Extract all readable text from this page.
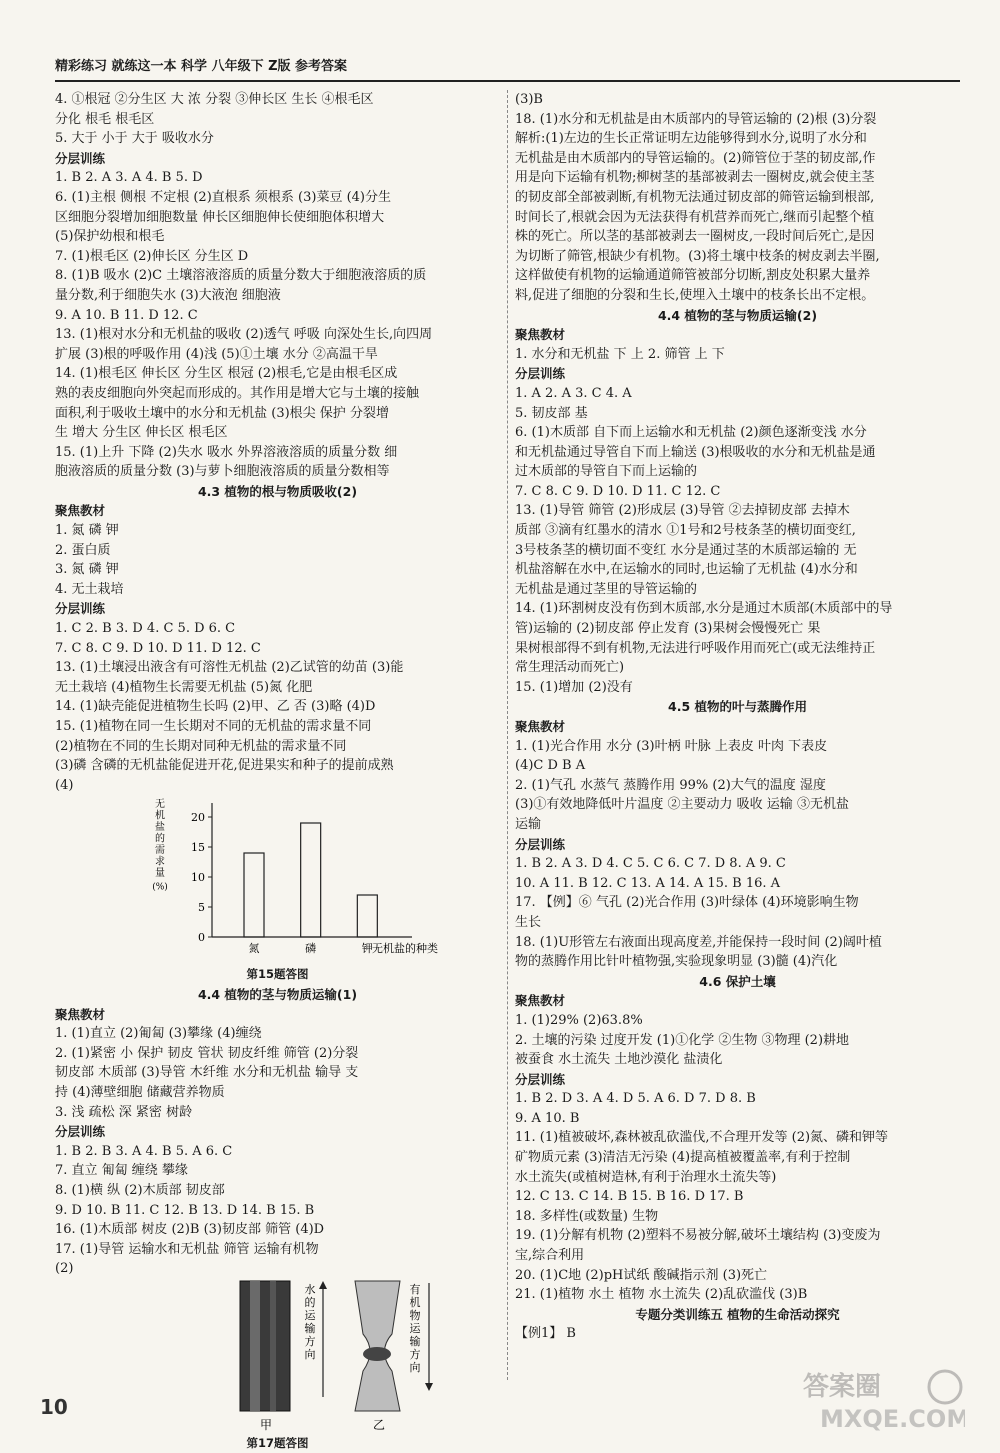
精彩练习 就练这一本 科学 八年级下 Z版 参考答案
4. ①根冠 ②分生区 大 浓 分裂 ③伸长区 生长 ④根毛区
分化 根毛 根毛区
5. 大于 小于 大于 吸收水分
分层训练
1. B 2. A 3. A 4. B 5. D
6. (1)主根 侧根 不定根 (2)直根系 须根系 (3)菜豆 (4)分生
区细胞分裂增加细胞数量 伸长区细胞伸长使细胞体积增大
(5)保护幼根和根毛
7. (1)根毛区 (2)伸长区 分生区 D
8. (1)B 吸水 (2)C 土壤溶液溶质的质量分数大于细胞液溶质的质
量分数,利于细胞失水 (3)大液泡 细胞液
9. A 10. B 11. D 12. C
13. (1)根对水分和无机盐的吸收 (2)透气 呼吸 向深处生长,向四周
扩展 (3)根的呼吸作用 (4)浅 (5)①土壤 水分 ②高温干旱
14. (1)根毛区 伸长区 分生区 根冠 (2)根毛,它是由根毛区成
熟的表皮细胞向外突起而形成的。其作用是增大它与土壤的接触
面积,利于吸收土壤中的水分和无机盐 (3)根尖 保护 分裂增
生 增大 分生区 伸长区 根毛区
15. (1)上升 下降 (2)失水 吸水 外界溶液溶质的质量分数 细
胞液溶质的质量分数 (3)与萝卜细胞液溶质的质量分数相等
4.3 植物的根与物质吸收(2)
聚焦教材
1. 氮 磷 钾
2. 蛋白质
3. 氮 磷 钾
4. 无土栽培
分层训练
1. C 2. B 3. D 4. C 5. D 6. C
7. C 8. C 9. D 10. D 11. D 12. C
13. (1)土壤浸出液含有可溶性无机盐 (2)乙试管的幼苗 (3)能
无土栽培 (4)植物生长需要无机盐 (5)氮 化肥
14. (1)缺壳能促进植物生长吗 (2)甲、乙 否 (3)略 (4)D
15. (1)植物在同一生长期对不同的无机盐的需求量不同
(2)植物在不同的生长期对同种无机盐的需求量不同
(3)磷 含磷的无机盐能促进开花,促进果实和种子的提前成熟
(4)
0
5
10
15
20
无
机
盐
的
需
求
量
(%)
氮	磷	钾 无机盐的种类
第15题答图
4.4 植物的茎与物质运输(1)
聚焦教材
1. (1)直立 (2)匍匐 (3)攀缘 (4)缠绕
2. (1)紧密 小 保护 韧皮 管状 韧皮纤维 筛管 (2)分裂
韧皮部 木质部 (3)导管 木纤维 水分和无机盐 输导 支
持 (4)薄壁细胞 储藏营养物质
3. 浅 疏松 深 紧密 树龄
分层训练
1. B 2. B 3. A 4. B 5. A 6. C
7. 直立 匍匐 缠绕 攀缘
8. (1)横 纵 (2)木质部 韧皮部
9. D 10. B 11. C 12. B 13. D 14. B 15. B
16. (1)木质部 树皮 (2)B (3)韧皮部 筛管 (4)D
17. (1)导管 运输水和无机盐 筛管 运输有机物
(2)
水
的
运
输
方
向
有
机
物
运
输
方
向
甲	乙
第17题答图
(3)B
18. (1)水分和无机盐是由木质部内的导管运输的 (2)根 (3)分裂
解析:(1)左边的生长正常证明左边能够得到水分,说明了水分和
无机盐是由木质部内的导管运输的。(2)筛管位于茎的韧皮部,作
用是向下运输有机物;柳树茎的基部被剥去一圈树皮,就会使主茎
的韧皮部全部被剥断,有机物无法通过韧皮部的筛管运输到根部,
时间长了,根就会因为无法获得有机营养而死亡,继而引起整个植
株的死亡。所以茎的基部被剥去一圈树皮,一段时间后死亡,是因
为切断了筛管,根缺少有机物。(3)将土壤中枝条的树皮剥去半圈,
这样做使有机物的运输通道筛管被部分切断,割皮处积累大量养
料,促进了细胞的分裂和生长,使埋入土壤中的枝条长出不定根。
4.4 植物的茎与物质运输(2)
聚焦教材
1. 水分和无机盐 下 上 2. 筛管 上 下
分层训练
1. A 2. A 3. C 4. A
5. 韧皮部 基
6. (1)木质部 自下而上运输水和无机盐 (2)颜色逐渐变浅 水分
和无机盐通过导管自下而上输送 (3)根吸收的水分和无机盐是通
过木质部的导管自下而上运输的
7. C 8. C 9. D 10. D 11. C 12. C
13. (1)导管 筛管 (2)形成层 (3)导管 ②去掉韧皮部 去掉木
质部 ③滴有红墨水的清水 ①1号和2号枝条茎的横切面变红,
3号枝条茎的横切面不变红 水分是通过茎的木质部运输的 无
机盐溶解在水中,在运输水的同时,也运输了无机盐 (4)水分和
无机盐是通过茎里的导管运输的
14. (1)环割树皮没有伤到木质部,水分是通过木质部(木质部中的导
管)运输的 (2)韧皮部 停止发育 (3)果树会慢慢死亡 果
果树根部得不到有机物,无法进行呼吸作用而死亡(或无法维持正
常生理活动而死亡)
15. (1)增加 (2)没有
4.5 植物的叶与蒸腾作用
聚焦教材
1. (1)光合作用 水分 (3)叶柄 叶脉 上表皮 叶肉 下表皮
(4)C D B A
2. (1)气孔 水蒸气 蒸腾作用 99% (2)大气的温度 湿度
(3)①有效地降低叶片温度 ②主要动力 吸收 运输 ③无机盐
运输
分层训练
1. B 2. A 3. D 4. C 5. C 6. C 7. D 8. A 9. C
10. A 11. B 12. C 13. A 14. A 15. B 16. A
17. 【例】⑥ 气孔 (2)光合作用 (3)叶绿体 (4)环境影响生物
生长
18. (1)U形管左右液面出现高度差,并能保持一段时间 (2)阔叶植
物的蒸腾作用比针叶植物强,实验现象明显 (3)髓 (4)汽化
4.6 保护土壤
聚焦教材
1. (1)29% (2)63.8%
2. 土壤的污染 过度开发 (1)①化学 ②生物 ③物理 (2)耕地
被蚕食 水土流失 土地沙漠化 盐渍化
分层训练
1. B 2. D 3. A 4. D 5. A 6. D 7. D 8. B
9. A 10. B
11. (1)植被破坏,森林被乱砍滥伐,不合理开发等 (2)氮、磷和钾等
矿物质元素 (3)清洁无污染 (4)提高植被覆盖率,有利于控制
水土流失(或植树造林,有利于治理水土流失等)
12. C 13. C 14. B 15. B 16. D 17. B
18. 多样性(或数量) 生物
19. (1)分解有机物 (2)塑料不易被分解,破坏土壤结构 (3)变废为
宝,综合利用
20. (1)C地 (2)pH试纸 酸碱指示剂 (3)死亡
21. (1)植物 水土 植物 水土流失 (2)乱砍滥伐 (3)B
专题分类训练五 植物的生命活动探究
【例1】 B
10
答案圈
MXQE.COM
